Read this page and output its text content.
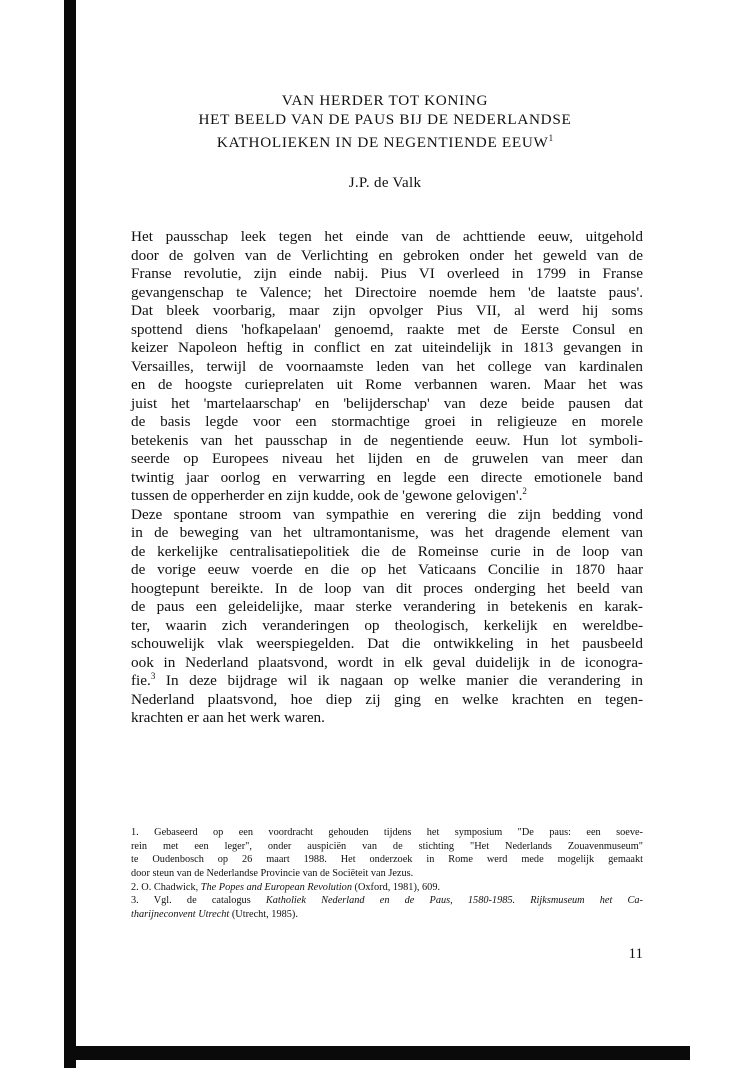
VAN HERDER TOT KONING
HET BEELD VAN DE PAUS BIJ DE NEDERLANDSE
KATHOLIEKEN IN DE NEGENTIENDE EEUW$^1$
J.P. de Valk
Het pausschap leek tegen het einde van de achttiende eeuw, uitgehold
door de golven van de Verlichting en gebroken onder het geweld van de
Franse revolutie, zijn einde nabij. Pius VI overleed in 1799 in Franse
gevangenschap te Valence; het Directoire noemde hem 'de laatste paus'.
Dat bleek voorbarig, maar zijn opvolger Pius VII, al werd hij soms
spottend diens 'hofkapelaan' genoemd, raakte met de Eerste Consul en
keizer Napoleon heftig in conflict en zat uiteindelijk in 1813 gevangen in
Versailles, terwijl de voornaamste leden van het college van kardinalen
en de hoogste curieprelaten uit Rome verbannen waren. Maar het was
juist het 'martelaarschap' en 'belijderschap' van deze beide pausen dat
de basis legde voor een stormachtige groei in religieuze en morele
betekenis van het pausschap in de negentiende eeuw. Hun lot symboli-
seerde op Europees niveau het lijden en de gruwelen van meer dan
twintig jaar oorlog en verwarring en legde een directe emotionele band
tussen de opperherder en zijn kudde, ook de 'gewone gelovigen'.$^2$
Deze spontane stroom van sympathie en verering die zijn bedding vond
in de beweging van het ultramontanisme, was het dragende element van
de kerkelijke centralisatiepolitiek die de Romeinse curie in de loop van
de vorige eeuw voerde en die op het Vaticaans Concilie in 1870 haar
hoogtepunt bereikte. In de loop van dit proces onderging het beeld van
de paus een geleidelijke, maar sterke verandering in betekenis en karak-
ter, waarin zich veranderingen op theologisch, kerkelijk en wereldbe-
schouwelijk vlak weerspiegelden. Dat die ontwikkeling in het pausbeeld
ook in Nederland plaatsvond, wordt in elk geval duidelijk in de iconogra-
fie.$^3$ In deze bijdrage wil ik nagaan op welke manier die verandering in
Nederland plaatsvond, hoe diep zij ging en welke krachten en tegen-
krachten er aan het werk waren.
1. Gebaseerd op een voordracht gehouden tijdens het symposium "De paus: een soeve-
rein met een leger", onder auspiciën van de stichting "Het Nederlands Zouavenmuseum"
te Oudenbosch op 26 maart 1988. Het onderzoek in Rome werd mede mogelijk gemaakt
door steun van de Nederlandse Provincie van de Sociëteit van Jezus.
2. O. Chadwick, The Popes and European Revolution (Oxford, 1981), 609.
3. Vgl. de catalogus Katholiek Nederland en de Paus, 1580-1985. Rijksmuseum het Ca-
tharijneconvent Utrecht (Utrecht, 1985).
11
